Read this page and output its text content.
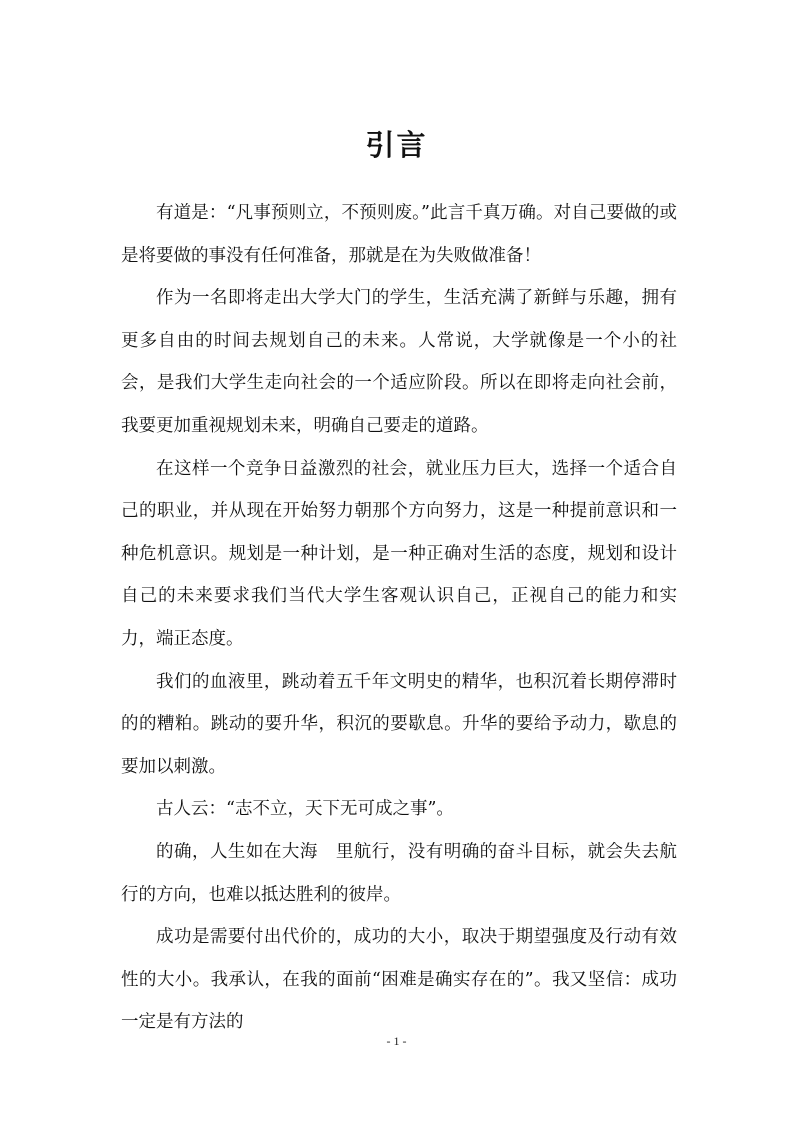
引言

有道是：“凡事预则立，不预则废。”此言千真万确。对自己要做的或是将要做的事没有任何准备，那就是在为失败做准备！

作为一名即将走出大学大门的学生，生活充满了新鲜与乐趣，拥有更多自由的时间去规划自己的未来。人常说，大学就像是一个小的社会，是我们大学生走向社会的一个适应阶段。所以在即将走向社会前，我要更加重视规划未来，明确自己要走的道路。

在这样一个竞争日益激烈的社会，就业压力巨大，选择一个适合自己的职业，并从现在开始努力朝那个方向努力，这是一种提前意识和一种危机意识。规划是一种计划，是一种正确对生活的态度，规划和设计自己的未来要求我们当代大学生客观认识自己，正视自己的能力和实力，端正态度。

我们的血液里，跳动着五千年文明史的精华，也积沉着长期停滞时的的糟粕。跳动的要升华，积沉的要歇息。升华的要给予动力，歇息的要加以刺激。

古人云：“志不立，天下无可成之事”。

的确，人生如在大海　里航行，没有明确的奋斗目标，就会失去航行的方向，也难以抵达胜利的彼岸。

成功是需要付出代价的，成功的大小，取决于期望强度及行动有效性的大小。我承认，在我的面前“困难是确实存在的”。我又坚信：成功一定是有方法的

- 1 -
